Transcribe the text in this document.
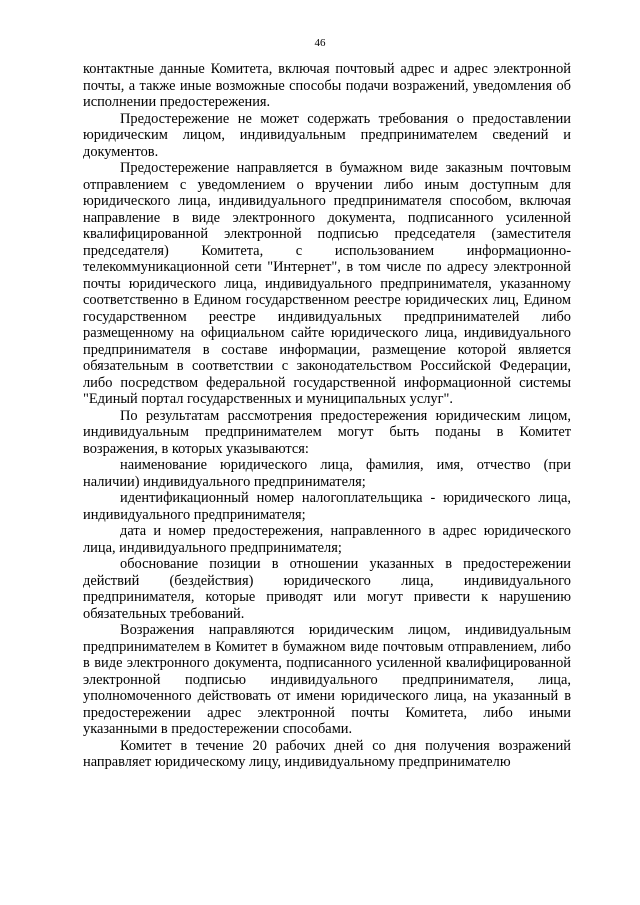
46

контактные данные Комитета, включая почтовый адрес и адрес электронной почты, а также иные возможные способы подачи возражений, уведомления об исполнении предостережения.

Предостережение не может содержать требования о предоставлении юридическим лицом, индивидуальным предпринимателем сведений и документов.

Предостережение направляется в бумажном виде заказным почтовым отправлением с уведомлением о вручении либо иным доступным для юридического лица, индивидуального предпринимателя способом, включая направление в виде электронного документа, подписанного усиленной квалифицированной электронной подписью председателя (заместителя председателя) Комитета, с использованием информационно-телекоммуникационной сети "Интернет", в том числе по адресу электронной почты юридического лица, индивидуального предпринимателя, указанному соответственно в Едином государственном реестре юридических лиц, Едином государственном реестре индивидуальных предпринимателей либо размещенному на официальном сайте юридического лица, индивидуального предпринимателя в составе информации, размещение которой является обязательным в соответствии с законодательством Российской Федерации, либо посредством федеральной государственной информационной системы "Единый портал государственных и муниципальных услуг".

По результатам рассмотрения предостережения юридическим лицом, индивидуальным предпринимателем могут быть поданы в Комитет возражения, в которых указываются:

наименование юридического лица, фамилия, имя, отчество (при наличии) индивидуального предпринимателя;

идентификационный номер налогоплательщика - юридического лица, индивидуального предпринимателя;

дата и номер предостережения, направленного в адрес юридического лица, индивидуального предпринимателя;

обоснование позиции в отношении указанных в предостережении действий (бездействия) юридического лица, индивидуального предпринимателя, которые приводят или могут привести к нарушению обязательных требований.

Возражения направляются юридическим лицом, индивидуальным предпринимателем в Комитет в бумажном виде почтовым отправлением, либо в виде электронного документа, подписанного усиленной квалифицированной электронной подписью индивидуального предпринимателя, лица, уполномоченного действовать от имени юридического лица, на указанный в предостережении адрес электронной почты Комитета, либо иными указанными в предостережении способами.

Комитет в течение 20 рабочих дней со дня получения возражений направляет юридическому лицу, индивидуальному предпринимателю
